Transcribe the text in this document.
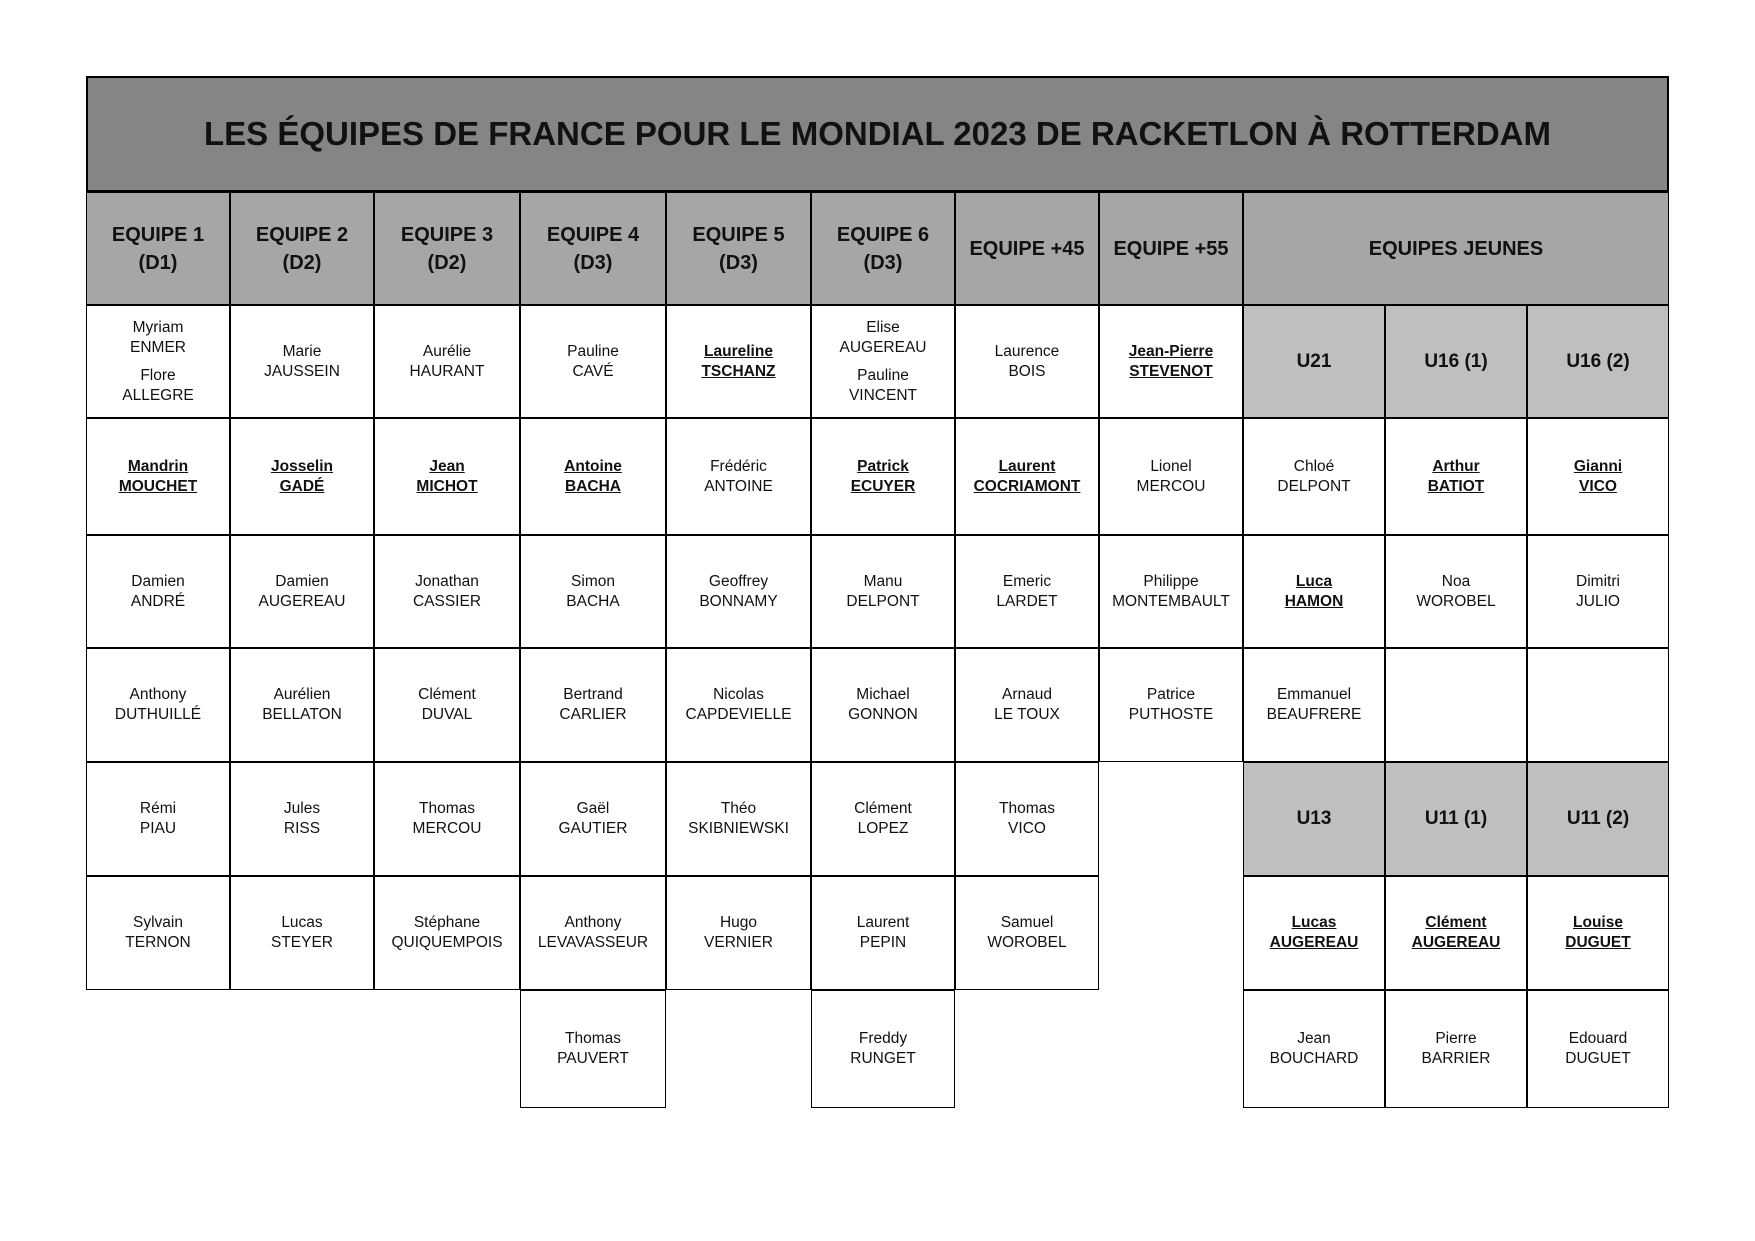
LES ÉQUIPES DE FRANCE POUR LE MONDIAL 2023 DE RACKETLON À ROTTERDAM
EQUIPE 1
(D1)
Myriam
ENMER
Flore
ALLEGRE
Mandrin
MOUCHET
Damien
ANDRÉ
Anthony
DUTHUILLÉ
Rémi
PIAU
Sylvain
TERNON
EQUIPE 2
(D2)
Marie
JAUSSEIN
Josselin
GADÉ
Damien
AUGEREAU
Aurélien
BELLATON
Jules
RISS
Lucas
STEYER
EQUIPE 3
(D2)
Aurélie
HAURANT
Jean
MICHOT
Jonathan
CASSIER
Clément
DUVAL
Thomas
MERCOU
Stéphane
QUIQUEMPOIS
EQUIPE 4
(D3)
Pauline
CAVÉ
Antoine
BACHA
Simon
BACHA
Bertrand
CARLIER
Gaël
GAUTIER
Anthony
LEVAVASSEUR
Thomas
PAUVERT
EQUIPE 5
(D3)
Laureline
TSCHANZ
Frédéric
ANTOINE
Geoffrey
BONNAMY
Nicolas
CAPDEVIELLE
Théo
SKIBNIEWSKI
Hugo
VERNIER
EQUIPE 6
(D3)
Elise
AUGEREAU
Pauline
VINCENT
Patrick
ECUYER
Manu
DELPONT
Michael
GONNON
Clément
LOPEZ
Laurent
PEPIN
Freddy
RUNGET
EQUIPE +45
Laurence
BOIS
Laurent
COCRIAMONT
Emeric
LARDET
Arnaud
LE TOUX
Thomas
VICO
Samuel
WOROBEL
EQUIPE +55
Jean-Pierre
STEVENOT
Lionel
MERCOU
Philippe
MONTEMBAULT
Patrice
PUTHOSTE
EQUIPES JEUNES
U21
Chloé
DELPONT
Luca
HAMON
Emmanuel
BEAUFRERE
U16 (1)
Arthur
BATIOT
Noa
WOROBEL
U16 (2)
Gianni
VICO
Dimitri
JULIO
U13
Lucas
AUGEREAU
Jean
BOUCHARD
U11 (1)
Clément
AUGEREAU
Pierre
BARRIER
U11 (2)
Louise
DUGUET
Edouard
DUGUET
